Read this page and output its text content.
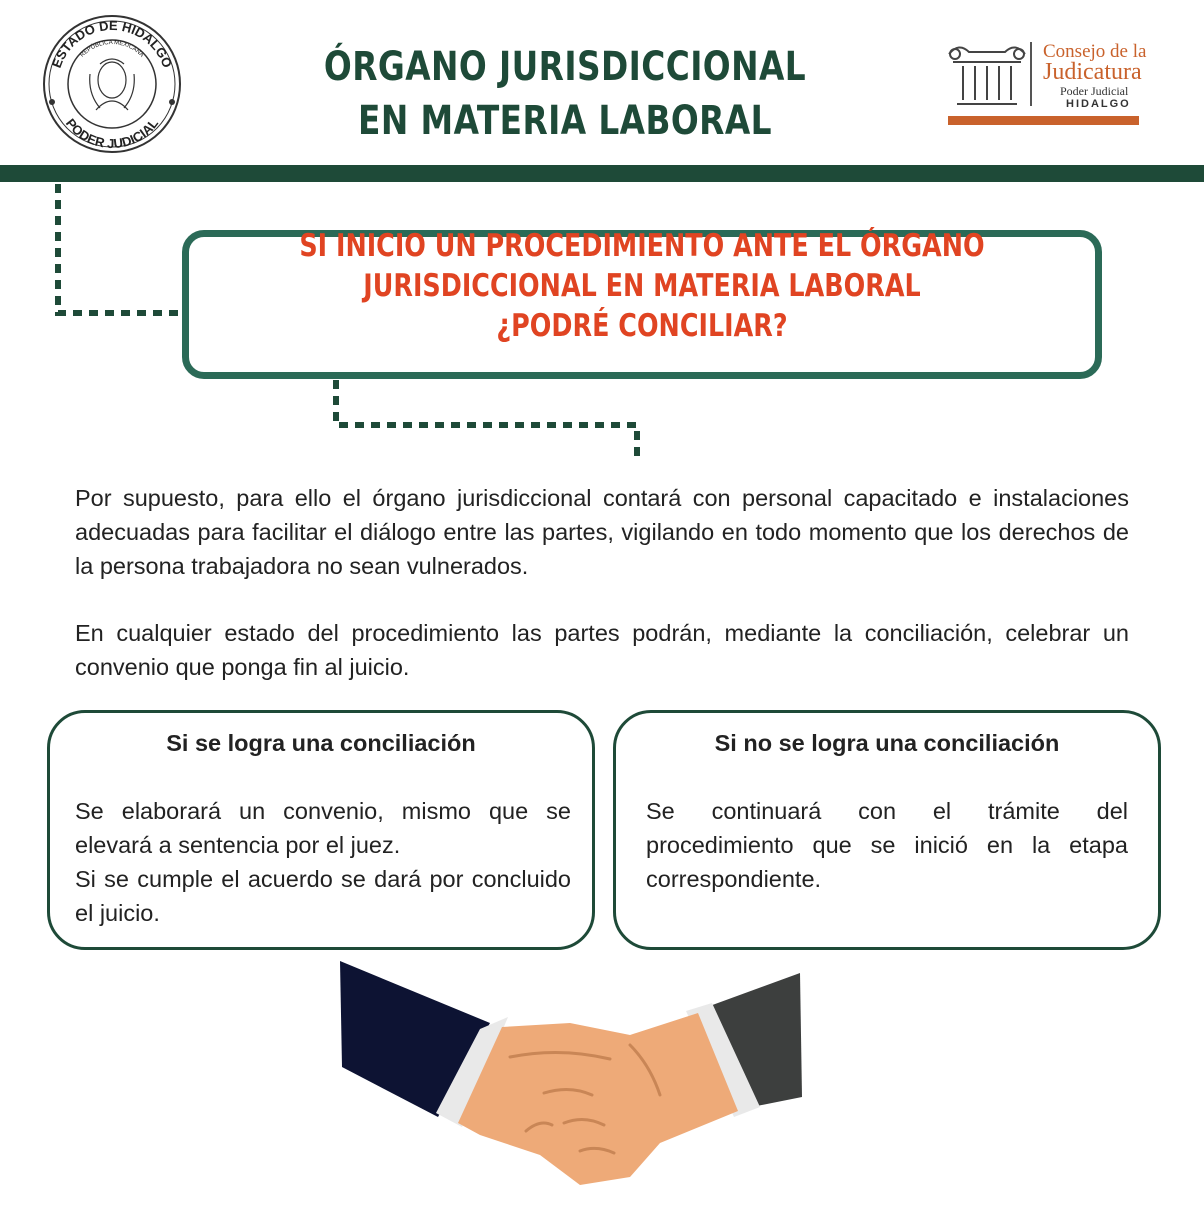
ESTADO DE HIDALGO
REPÚBLICA MEXICANA
PODER JUDICIAL
ÓRGANO JURISDICCIONAL
EN MATERIA LABORAL
Consejo de la
Judicatura
Poder Judicial
HIDALGO
SI INICIO UN PROCEDIMIENTO ANTE EL ÓRGANO
JURISDICCIONAL EN MATERIA LABORAL
¿PODRÉ CONCILIAR?
Por supuesto, para ello el órgano jurisdiccional contará con personal capacitado e instalaciones adecuadas para facilitar el diálogo entre las partes, vigilando en todo momento que los derechos de la persona trabajadora no sean vulnerados.
En cualquier estado del procedimiento las partes podrán, mediante la conciliación, celebrar un convenio que ponga fin al juicio.
Si se logra una conciliación
Se elaborará un convenio, mismo que se elevará a sentencia por el juez.
Si se cumple el acuerdo se dará por concluido el juicio.
Si no se logra una conciliación
Se continuará con el trámite del procedimiento que se inició en la etapa correspondiente.
